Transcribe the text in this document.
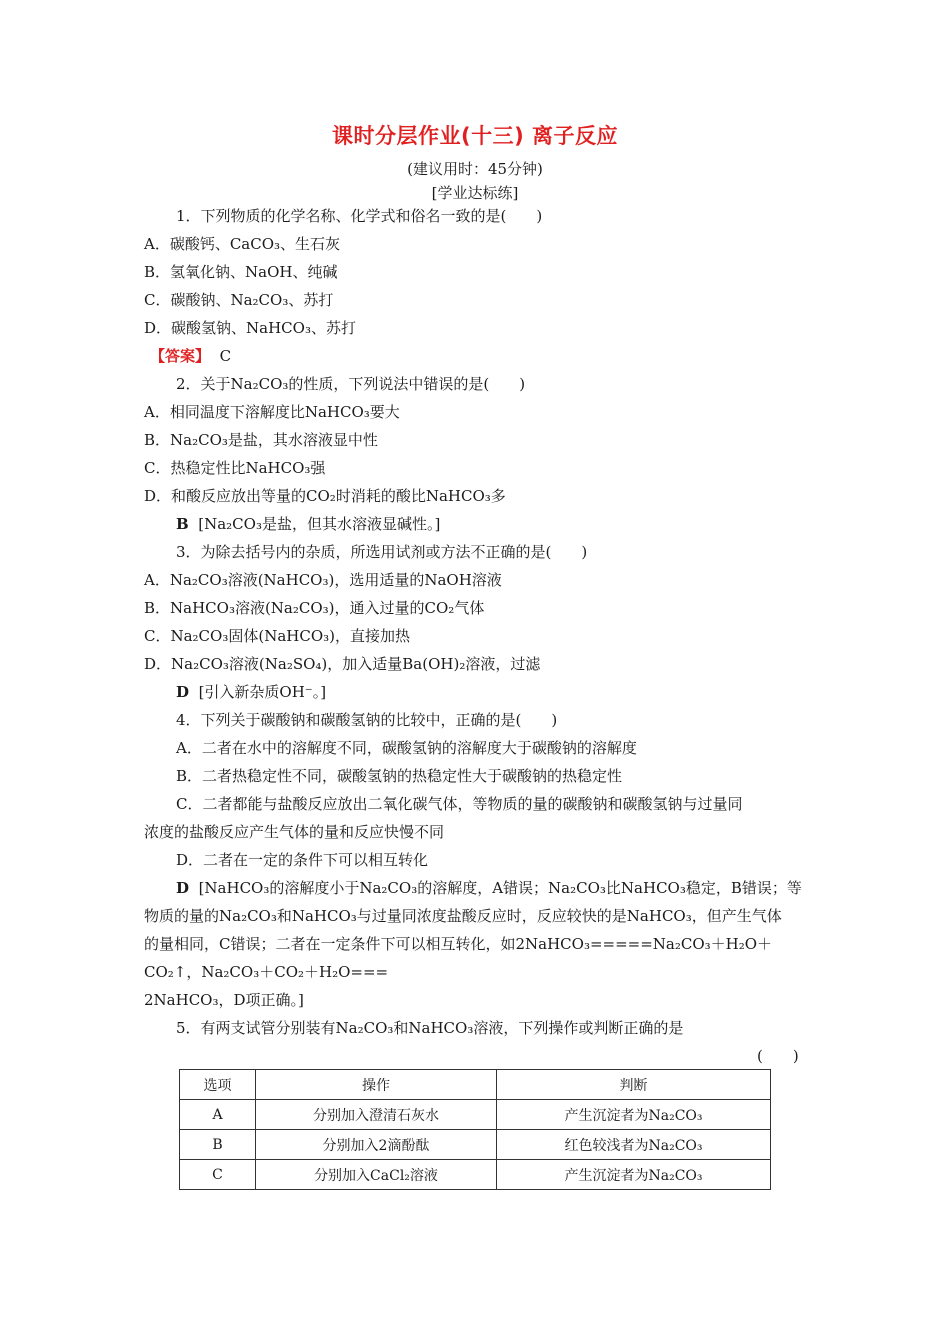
课时分层作业(十三) 离子反应
(建议用时：45分钟)
[学业达标练]
1．下列物质的化学名称、化学式和俗名一致的是(　　)
A．碳酸钙、CaCO₃、生石灰
B．氢氧化钠、NaOH、纯碱
C．碳酸钠、Na₂CO₃、苏打
D．碳酸氢钠、NaHCO₃、苏打
【答案】 C
2．关于Na₂CO₃的性质，下列说法中错误的是(　　)
A．相同温度下溶解度比NaHCO₃要大
B．Na₂CO₃是盐，其水溶液显中性
C．热稳定性比NaHCO₃强
D．和酸反应放出等量的CO₂时消耗的酸比NaHCO₃多
B [Na₂CO₃是盐，但其水溶液显碱性。]
3．为除去括号内的杂质，所选用试剂或方法不正确的是(　　)
A．Na₂CO₃溶液(NaHCO₃)，选用适量的NaOH溶液
B．NaHCO₃溶液(Na₂CO₃)，通入过量的CO₂气体
C．Na₂CO₃固体(NaHCO₃)，直接加热
D．Na₂CO₃溶液(Na₂SO₄)，加入适量Ba(OH)₂溶液，过滤
D [引入新杂质OH⁻。]
4．下列关于碳酸钠和碳酸氢钠的比较中，正确的是(　　)
A．二者在水中的溶解度不同，碳酸氢钠的溶解度大于碳酸钠的溶解度
B．二者热稳定性不同，碳酸氢钠的热稳定性大于碳酸钠的热稳定性
C．二者都能与盐酸反应放出二氧化碳气体，等物质的量的碳酸钠和碳酸氢钠与过量同
浓度的盐酸反应产生气体的量和反应快慢不同
D．二者在一定的条件下可以相互转化
D [NaHCO₃的溶解度小于Na₂CO₃的溶解度，A错误；Na₂CO₃比NaHCO₃稳定，B错误；等
物质的量的Na₂CO₃和NaHCO₃与过量同浓度盐酸反应时，反应较快的是NaHCO₃，但产生气体
的量相同，C错误；二者在一定条件下可以相互转化，如2NaHCO₃=====Na₂CO₃＋H₂O＋
CO₂↑，Na₂CO₃＋CO₂＋H₂O===
2NaHCO₃，D项正确。]
5．有两支试管分别装有Na₂CO₃和NaHCO₃溶液，下列操作或判断正确的是
(　　)
选项	操作	判断
A	分别加入澄清石灰水	产生沉淀者为Na₂CO₃
B	分别加入2滴酚酞	红色较浅者为Na₂CO₃
C	分别加入CaCl₂溶液	产生沉淀者为Na₂CO₃
